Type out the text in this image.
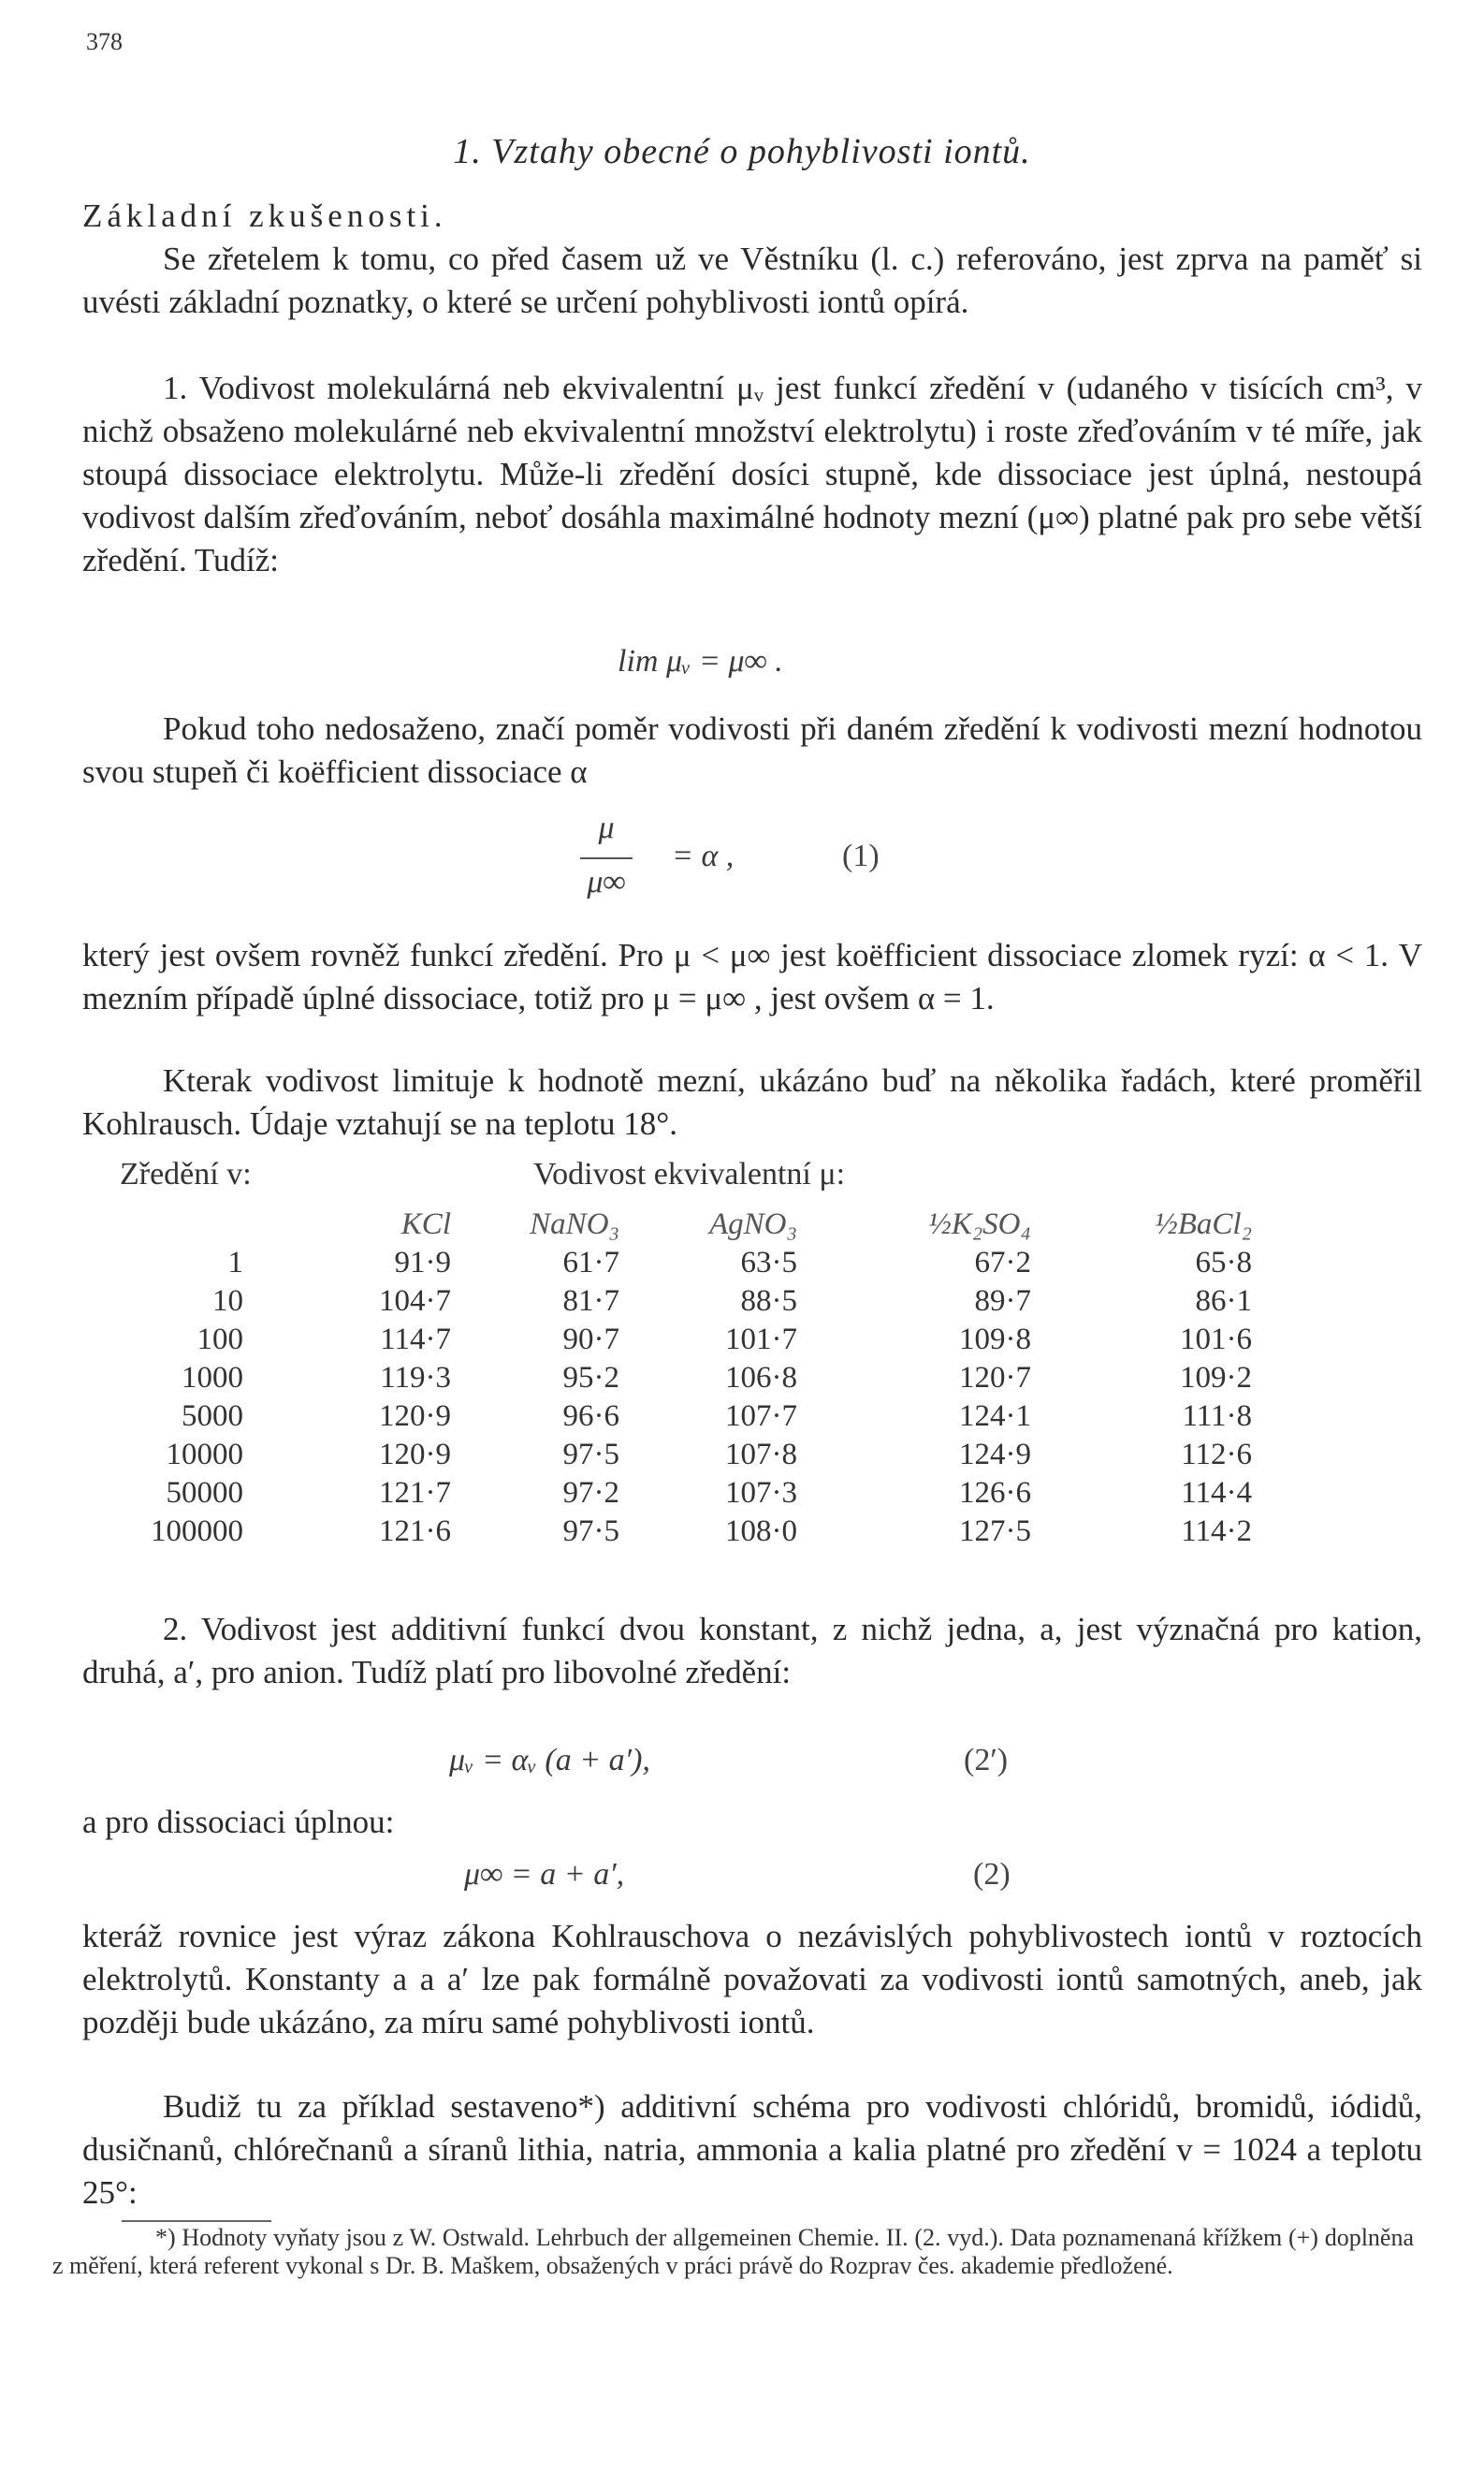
378
1. Vztahy obecné o pohyblivosti iontů.
Základní zkušenosti.
Se zřetelem k tomu, co před časem už ve Věstníku (l. c.) referováno, jest zprva na paměť si uvésti základní poznatky, o které se určení pohyblivosti iontů opírá.
1. Vodivost molekulárná neb ekvivalentní μᵥ jest funkcí zředění v (udaného v tisících cm³, v nichž obsaženo molekulárné neb ekvivalentní množství elektrolytu) i roste zřeďováním v té míře, jak stoupá dissociace elektrolytu. Může-li zředění dosíci stupně, kde dissociace jest úplná, nestoupá vodivost dalším zřeďováním, neboť dosáhla maximálné hodnoty mezní (μ∞) platné pak pro sebe větší zředění. Tudíž:
lim μᵥ = μ∞ .
Pokud toho nedosaženo, značí poměr vodivosti při daném zředění k vodivosti mezní hodnotou svou stupeň či koëfficient dissociace α
μ
μ∞
= α ,	(1)
který jest ovšem rovněž funkcí zředění. Pro μ < μ∞ jest koëfficient dissociace zlomek ryzí: α < 1. V mezním případě úplné dissociace, totiž pro μ = μ∞ , jest ovšem α = 1.
Kterak vodivost limituje k hodnotě mezní, ukázáno buď na několika řadách, které proměřil Kohlrausch. Údaje vztahují se na teplotu 18°.
Zředění v:	Vodivost ekvivalentní μ:
	KCl	NaNO₃	AgNO₃	½K₂SO₄	½BaCl₂
1	91·9	61·7	63·5	67·2	65·8
10	104·7	81·7	88·5	89·7	86·1
100	114·7	90·7	101·7	109·8	101·6
1000	119·3	95·2	106·8	120·7	109·2
5000	120·9	96·6	107·7	124·1	111·8
10000	120·9	97·5	107·8	124·9	112·6
50000	121·7	97·2	107·3	126·6	114·4
100000	121·6	97·5	108·0	127·5	114·2
2. Vodivost jest additivní funkcí dvou konstant, z nichž jedna, a, jest význačná pro kation, druhá, a′, pro anion. Tudíž platí pro libovolné zředění:
μᵥ = αᵥ (a + a′),	(2′)
a pro dissociaci úplnou:
μ∞ = a + a′,	(2)
kteráž rovnice jest výraz zákona Kohlrauschova o nezávislých pohyblivostech iontů v roztocích elektrolytů. Konstanty a a a′ lze pak formálně považovati za vodivosti iontů samotných, aneb, jak později bude ukázáno, za míru samé pohyblivosti iontů.
Budiž tu za příklad sestaveno*) additivní schéma pro vodivosti chlóridů, bromidů, iódidů, dusičnanů, chlórečnanů a síranů lithia, natria, ammonia a kalia platné pro zředění v = 1024 a teplotu 25°:
*) Hodnoty vyňaty jsou z W. Ostwald. Lehrbuch der allgemeinen Chemie. II. (2. vyd.). Data poznamenaná křížkem (+) doplněna z měření, která referent vykonal s Dr. B. Maškem, obsažených v práci právě do Rozprav čes. akademie předložené.
